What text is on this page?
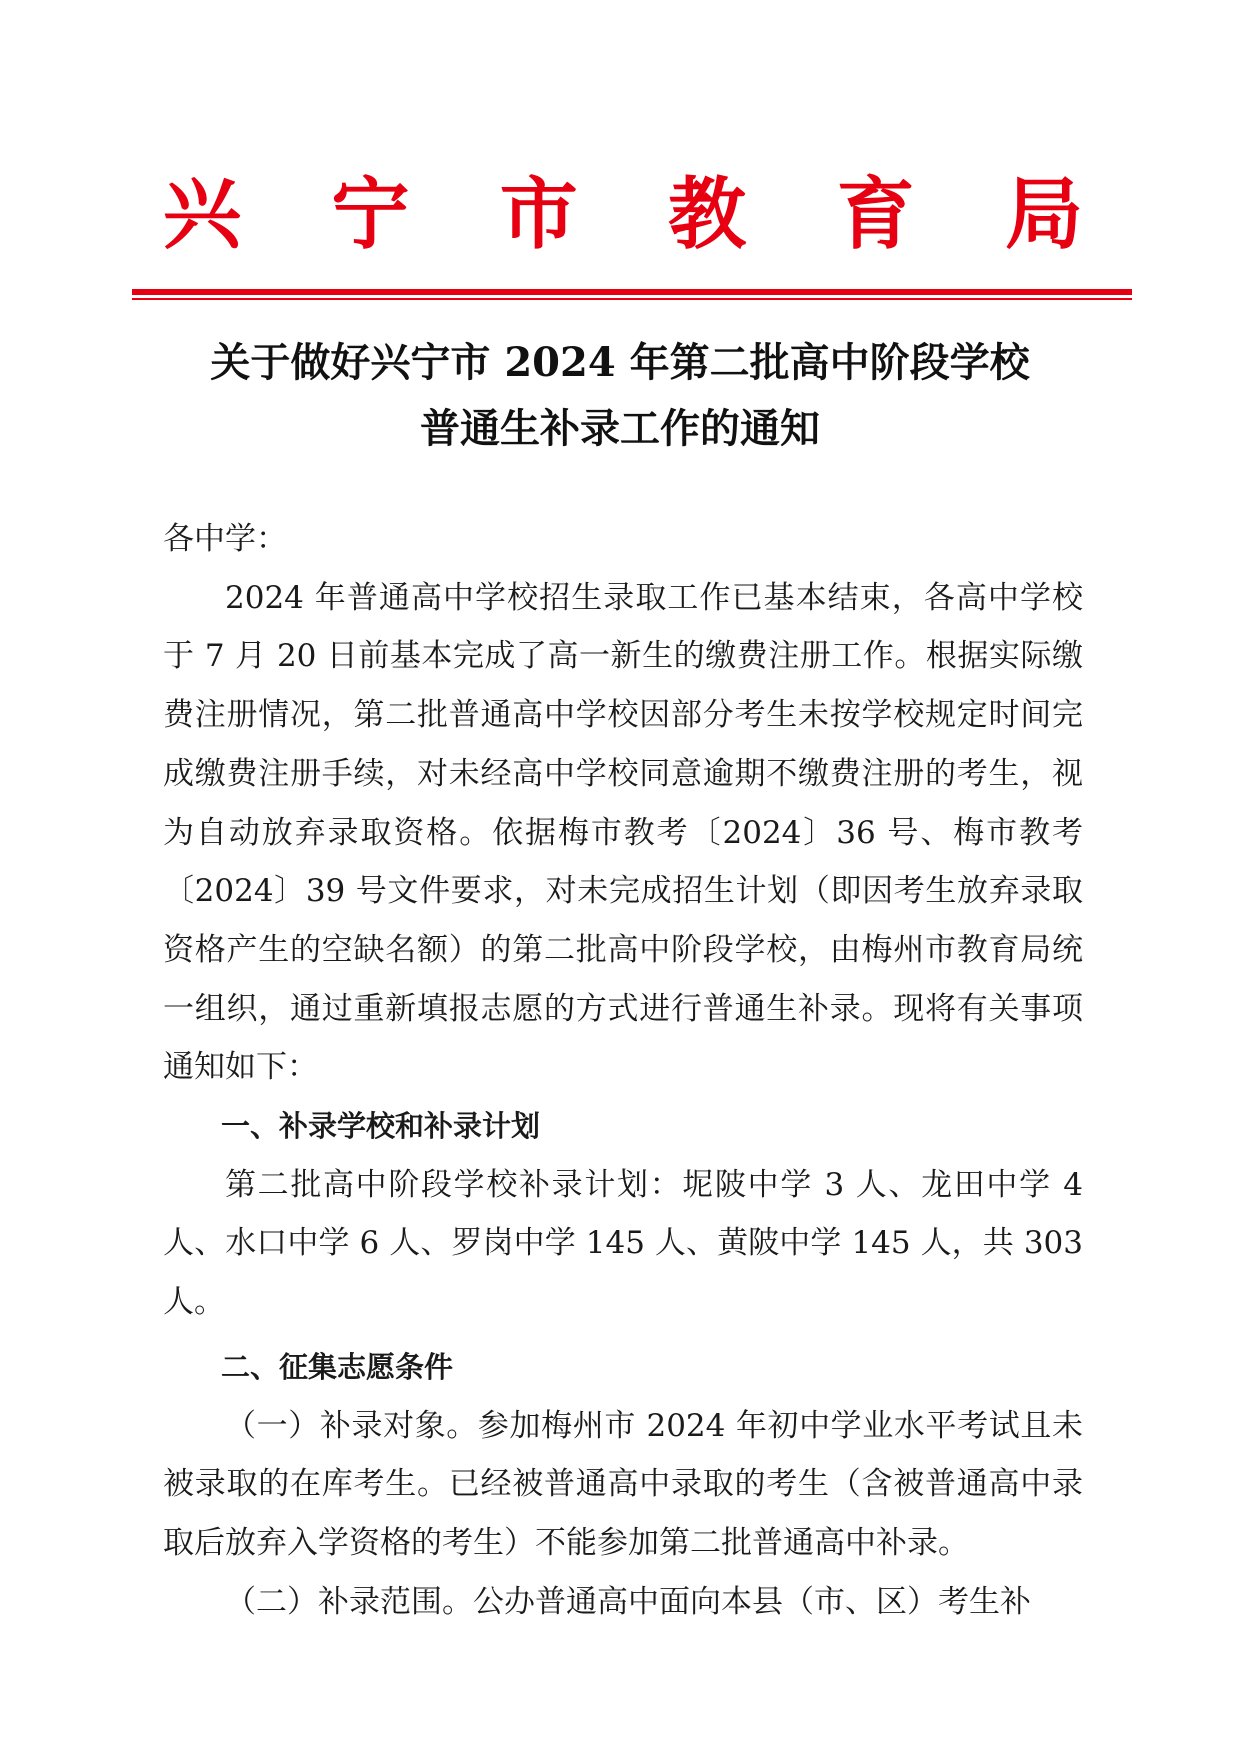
兴 宁 市 教 育 局
关于做好兴宁市 2024 年第二批高中阶段学校
普通生补录工作的通知

各中学：

2024 年普通高中学校招生录取工作已基本结束，各高中学校于 7 月 20 日前基本完成了高一新生的缴费注册工作。根据实际缴费注册情况，第二批普通高中学校因部分考生未按学校规定时间完成缴费注册手续，对未经高中学校同意逾期不缴费注册的考生，视为自动放弃录取资格。依据梅市教考〔2024〕36 号、梅市教考〔2024〕39 号文件要求，对未完成招生计划（即因考生放弃录取资格产生的空缺名额）的第二批高中阶段学校，由梅州市教育局统一组织，通过重新填报志愿的方式进行普通生补录。现将有关事项通知如下：

一、补录学校和补录计划

第二批高中阶段学校补录计划：坭陂中学 3 人、龙田中学 4 人、水口中学 6 人、罗岗中学 145 人、黄陂中学 145 人，共 303 人。

二、征集志愿条件

（一）补录对象。参加梅州市 2024 年初中学业水平考试且未被录取的在库考生。已经被普通高中录取的考生（含被普通高中录取后放弃入学资格的考生）不能参加第二批普通高中补录。

（二）补录范围。公办普通高中面向本县（市、区）考生补
